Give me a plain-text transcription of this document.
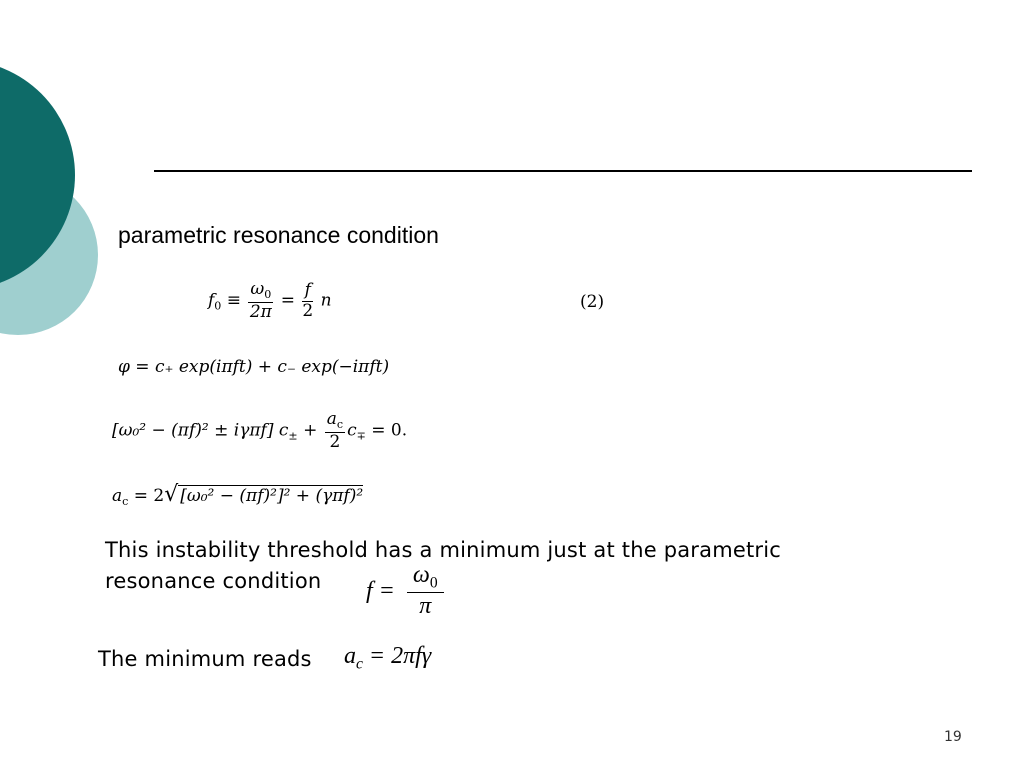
parametric resonance condition
$f_0 \equiv \frac{\omega_0}{2\pi} = \frac{f}{2}$ n	(2)
φ = c₊ exp(iπft) + c₋ exp(−iπft)
[ω₀² − (πf)² ± iγπf] $c_\pm + \frac{a_c}{2} c_\mp = 0$.
$a_c = 2√$ [ω₀² − (πf)²]² + (γπf)²
This instability threshold has a minimum just at the parametric
resonance condition $f = \frac{\omega_0}{\pi}$
The minimum reads $a_c = 2\pi f\gamma$
19
